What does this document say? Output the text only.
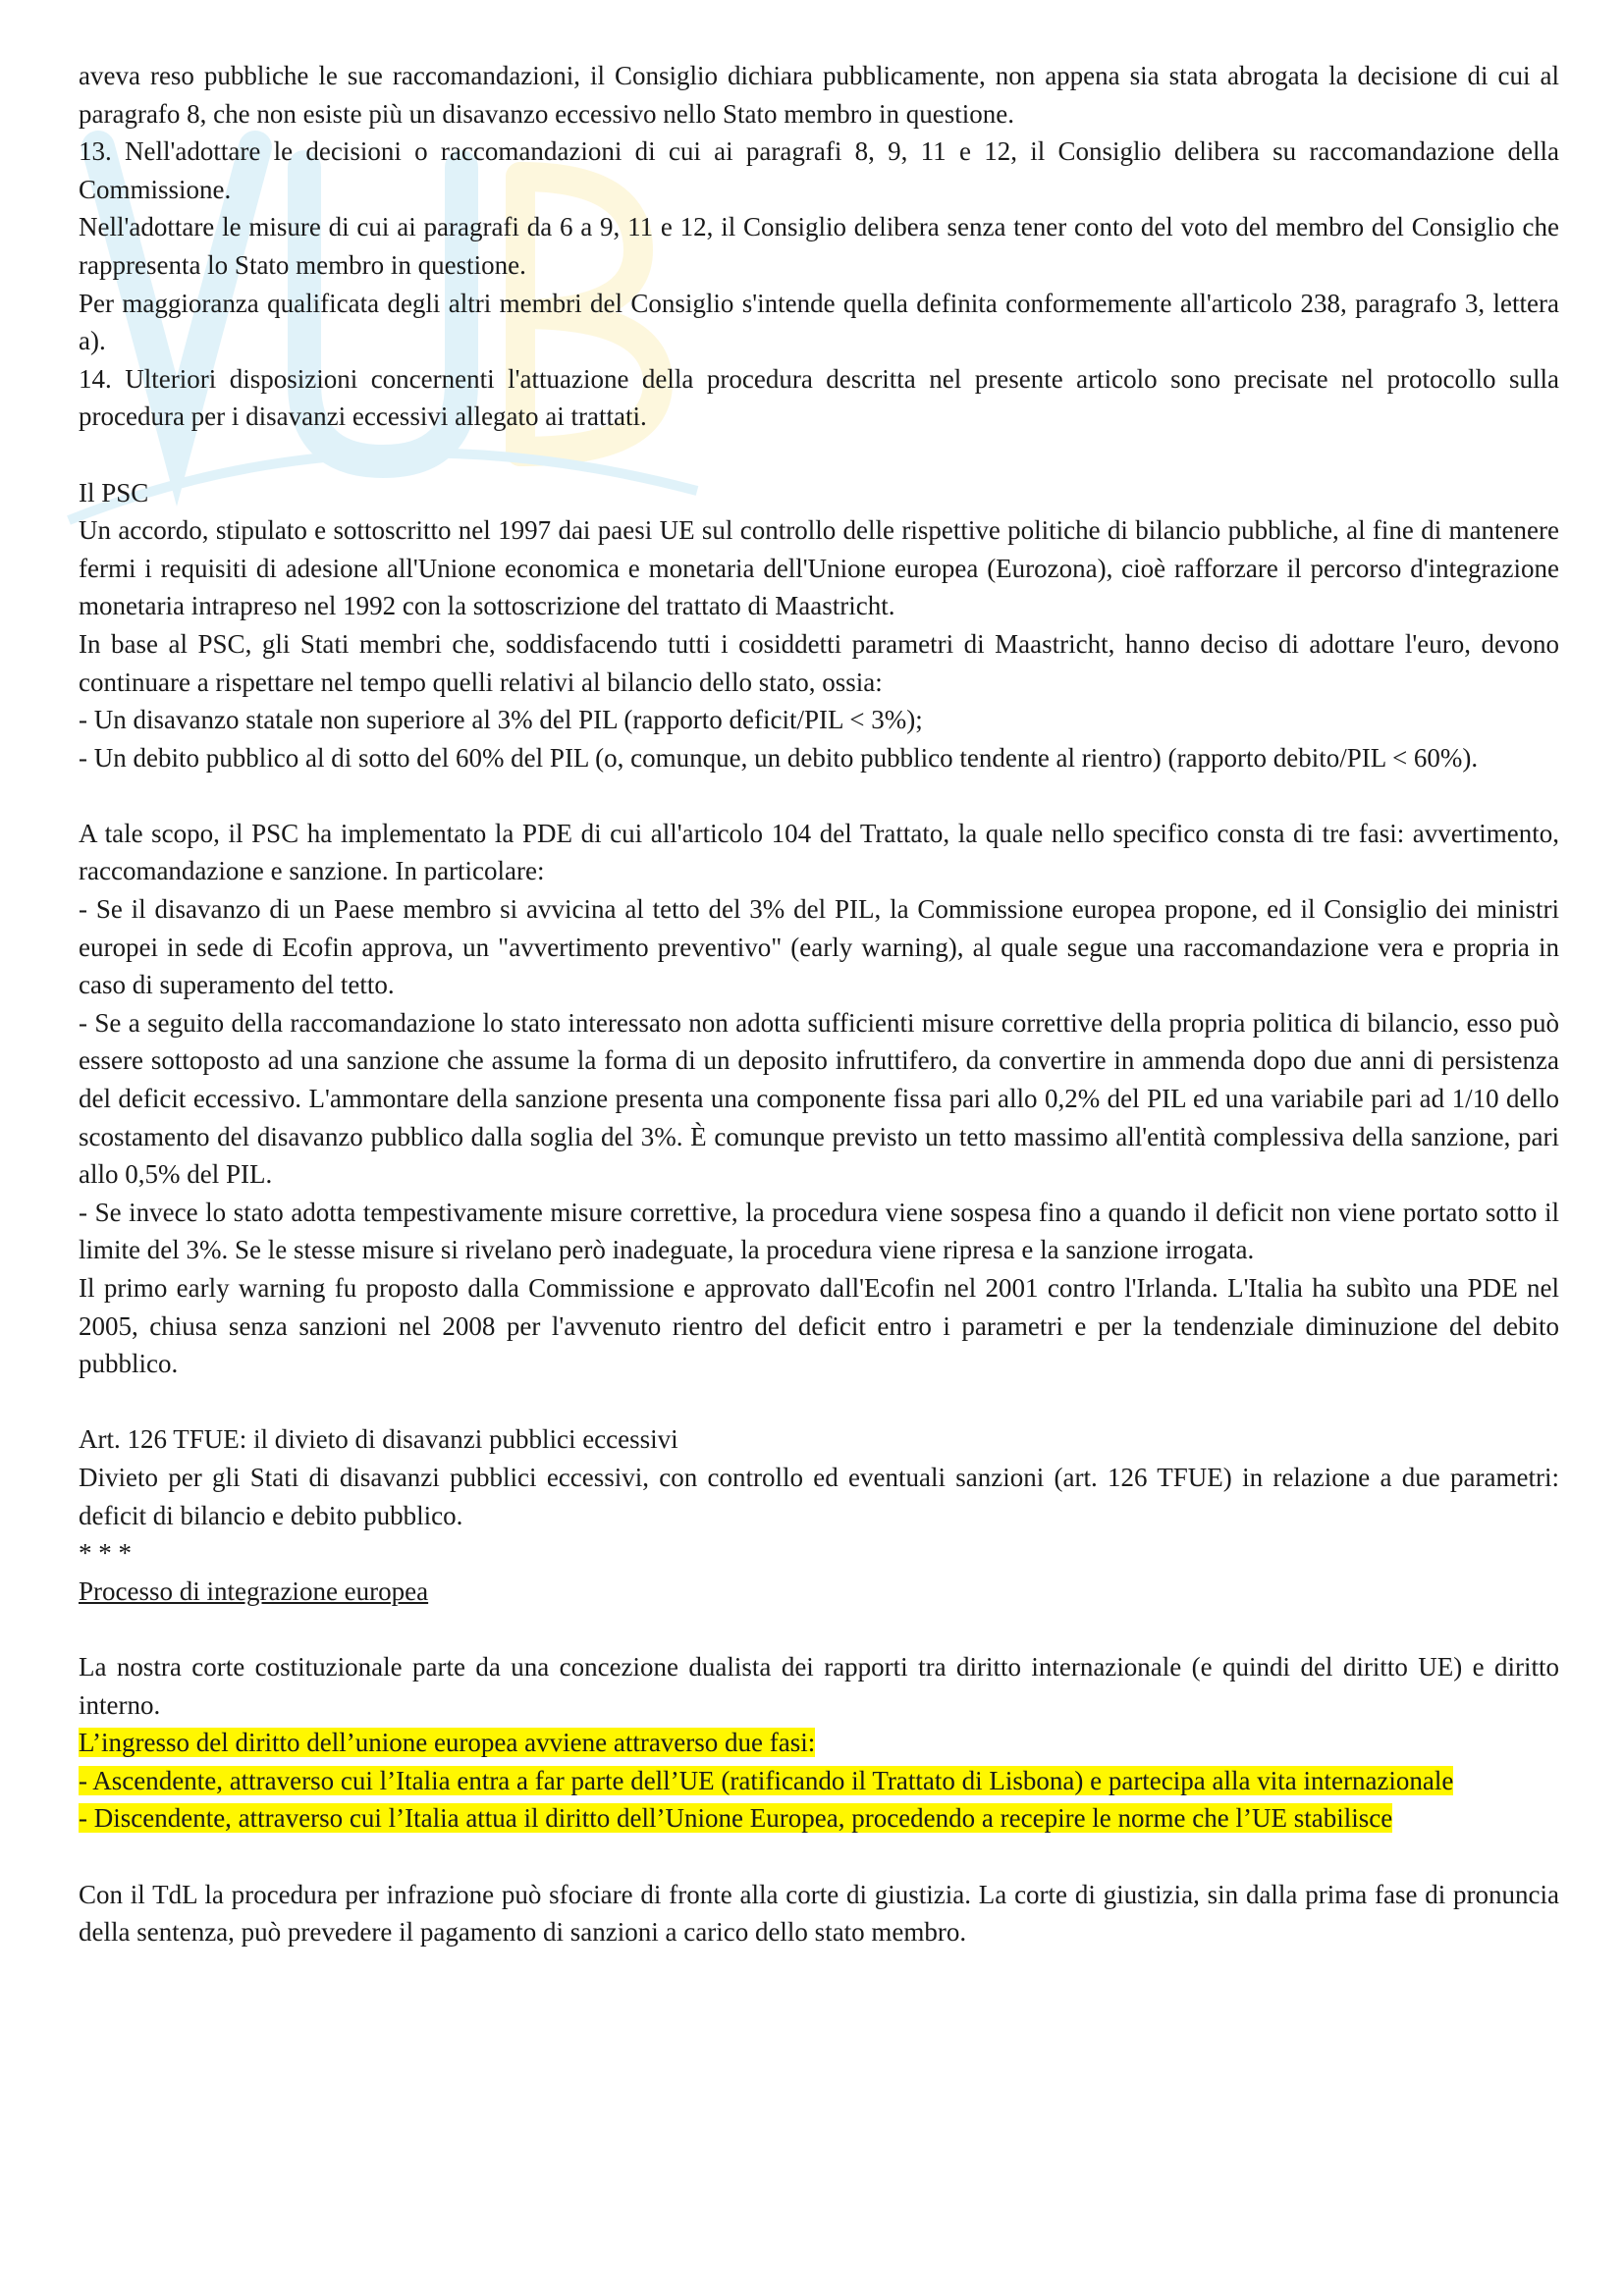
aveva reso pubbliche le sue raccomandazioni, il Consiglio dichiara pubblicamente, non appena sia stata abrogata la decisione di cui al paragrafo 8, che non esiste più un disavanzo eccessivo nello Stato membro in questione.

13. Nell'adottare le decisioni o raccomandazioni di cui ai paragrafi 8, 9, 11 e 12, il Consiglio delibera su raccomandazione della Commissione.

Nell'adottare le misure di cui ai paragrafi da 6 a 9, 11 e 12, il Consiglio delibera senza tener conto del voto del membro del Consiglio che rappresenta lo Stato membro in questione.

Per maggioranza qualificata degli altri membri del Consiglio s'intende quella definita conformemente all'articolo 238, paragrafo 3, lettera a).

14. Ulteriori disposizioni concernenti l'attuazione della procedura descritta nel presente articolo sono precisate nel protocollo sulla procedura per i disavanzi eccessivi allegato ai trattati.

Il PSC

Un accordo, stipulato e sottoscritto nel 1997 dai paesi UE sul controllo delle rispettive politiche di bilancio pubbliche, al fine di mantenere fermi i requisiti di adesione all'Unione economica e monetaria dell'Unione europea (Eurozona), cioè rafforzare il percorso d'integrazione monetaria intrapreso nel 1992 con la sottoscrizione del trattato di Maastricht.

In base al PSC, gli Stati membri che, soddisfacendo tutti i cosiddetti parametri di Maastricht, hanno deciso di adottare l'euro, devono continuare a rispettare nel tempo quelli relativi al bilancio dello stato, ossia:

- Un disavanzo statale non superiore al 3% del PIL (rapporto deficit/PIL < 3%);

- Un debito pubblico al di sotto del 60% del PIL (o, comunque, un debito pubblico tendente al rientro) (rapporto debito/PIL < 60%).

A tale scopo, il PSC ha implementato la PDE di cui all'articolo 104 del Trattato, la quale nello specifico consta di tre fasi: avvertimento, raccomandazione e sanzione. In particolare:

- Se il disavanzo di un Paese membro si avvicina al tetto del 3% del PIL, la Commissione europea propone, ed il Consiglio dei ministri europei in sede di Ecofin approva, un "avvertimento preventivo" (early warning), al quale segue una raccomandazione vera e propria in caso di superamento del tetto.

- Se a seguito della raccomandazione lo stato interessato non adotta sufficienti misure correttive della propria politica di bilancio, esso può essere sottoposto ad una sanzione che assume la forma di un deposito infruttifero, da convertire in ammenda dopo due anni di persistenza del deficit eccessivo. L'ammontare della sanzione presenta una componente fissa pari allo 0,2% del PIL ed una variabile pari ad 1/10 dello scostamento del disavanzo pubblico dalla soglia del 3%. È comunque previsto un tetto massimo all'entità complessiva della sanzione, pari allo 0,5% del PIL.

- Se invece lo stato adotta tempestivamente misure correttive, la procedura viene sospesa fino a quando il deficit non viene portato sotto il limite del 3%. Se le stesse misure si rivelano però inadeguate, la procedura viene ripresa e la sanzione irrogata.

Il primo early warning fu proposto dalla Commissione e approvato dall'Ecofin nel 2001 contro l'Irlanda. L'Italia ha subìto una PDE nel 2005, chiusa senza sanzioni nel 2008 per l'avvenuto rientro del deficit entro i parametri e per la tendenziale diminuzione del debito pubblico.

Art. 126 TFUE: il divieto di disavanzi pubblici eccessivi

Divieto per gli Stati di disavanzi pubblici eccessivi, con controllo ed eventuali sanzioni (art. 126 TFUE) in relazione a due parametri: deficit di bilancio e debito pubblico.

* * *

Processo di integrazione europea

La nostra corte costituzionale parte da una concezione dualista dei rapporti tra diritto internazionale (e quindi del diritto UE) e diritto interno.

L’ingresso del diritto dell’unione europea avviene attraverso due fasi:

- Ascendente, attraverso cui l’Italia entra a far parte dell’UE (ratificando il Trattato di Lisbona) e partecipa alla vita internazionale

- Discendente, attraverso cui l’Italia attua il diritto dell’Unione Europea, procedendo a recepire le norme che l’UE stabilisce

Con il TdL la procedura per infrazione può sfociare di fronte alla corte di giustizia. La corte di giustizia, sin dalla prima fase di pronuncia della sentenza, può prevedere il pagamento di sanzioni a carico dello stato membro.
